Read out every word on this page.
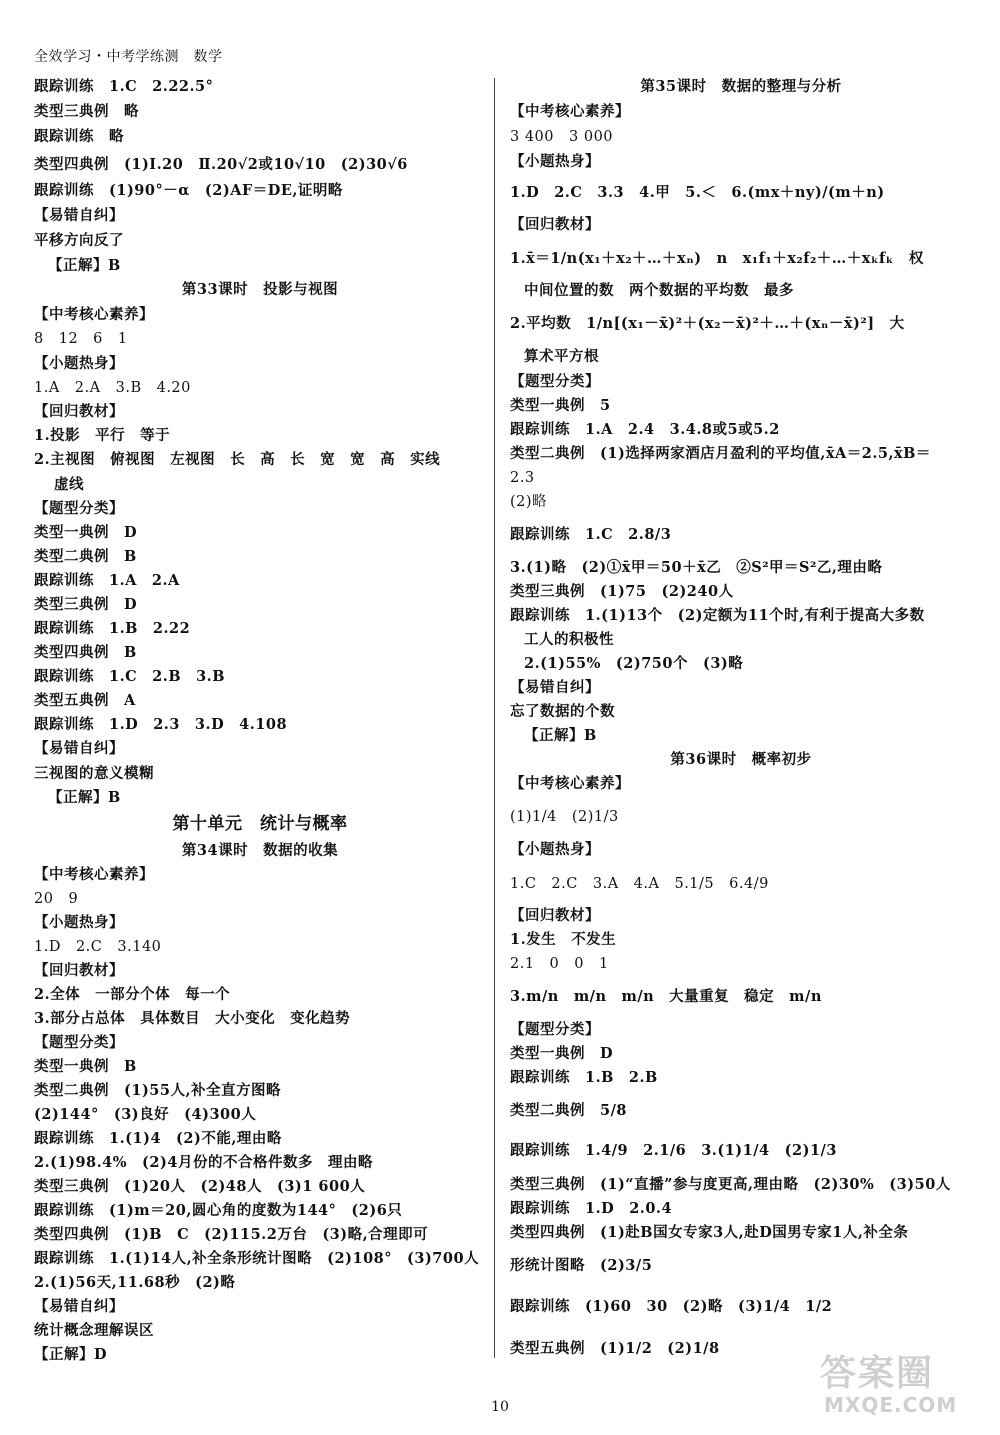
全效学习・中考学练测　数学
跟踪训练　1.C　2.22.5°
类型三典例　略
跟踪训练　略
类型四典例　(1)Ⅰ.20　Ⅱ.20√2或10√10　(2)30√6
跟踪训练　(1)90°－α　(2)AF＝DE,证明略
【易错自纠】
平移方向反了
【正解】B
第33课时　投影与视图
【中考核心素养】
8　12　6　1
【小题热身】
1.A　2.A　3.B　4.20
【回归教材】
1.投影　平行　等于
2.主视图　俯视图　左视图　长　高　长　宽　宽　高　实线
虚线
【题型分类】
类型一典例　D
类型二典例　B
跟踪训练　1.A　2.A
类型三典例　D
跟踪训练　1.B　2.22
类型四典例　B
跟踪训练　1.C　2.B　3.B
类型五典例　A
跟踪训练　1.D　2.3　3.D　4.108
【易错自纠】
三视图的意义模糊
【正解】B
第十单元　统计与概率
第34课时　数据的收集
【中考核心素养】
20　9
【小题热身】
1.D　2.C　3.140
【回归教材】
2.全体　一部分个体　每一个
3.部分占总体　具体数目　大小变化　变化趋势
【题型分类】
类型一典例　B
类型二典例　(1)55人,补全直方图略
(2)144°　(3)良好　(4)300人
跟踪训练　1.(1)4　(2)不能,理由略
2.(1)98.4%　(2)4月份的不合格件数多　理由略
类型三典例　(1)20人　(2)48人　(3)1 600人
跟踪训练　(1)m＝20,圆心角的度数为144°　(2)6只
类型四典例　(1)B　C　(2)115.2万台　(3)略,合理即可
跟踪训练　1.(1)14人,补全条形统计图略　(2)108°　(3)700人
2.(1)56天,11.68秒　(2)略
【易错自纠】
统计概念理解误区
【正解】D
第35课时　数据的整理与分析
【中考核心素养】
3 400　3 000
【小题热身】
1.D　2.C　3.3　4.甲　5.＜　6.(mx＋ny)/(m＋n)
【回归教材】
1.x̄＝1/n(x₁＋x₂＋…＋xₙ)　n　x₁f₁＋x₂f₂＋…＋xₖfₖ　权
中间位置的数　两个数据的平均数　最多
2.平均数　1/n[(x₁－x̄)²＋(x₂－x̄)²＋…＋(xₙ－x̄)²]　大
算术平方根
【题型分类】
类型一典例　5
跟踪训练　1.A　2.4　3.4.8或5或5.2
类型二典例　(1)选择两家酒店月盈利的平均值,x̄A＝2.5,x̄B＝
2.3
(2)略
跟踪训练　1.C　2.8/3
3.(1)略　(2)①x̄甲＝50＋x̄乙　②S²甲＝S²乙,理由略
类型三典例　(1)75　(2)240人
跟踪训练　1.(1)13个　(2)定额为11个时,有利于提高大多数
工人的积极性
2.(1)55%　(2)750个　(3)略
【易错自纠】
忘了数据的个数
【正解】B
第36课时　概率初步
【中考核心素养】
(1)1/4　(2)1/3
【小题热身】
1.C　2.C　3.A　4.A　5.1/5　6.4/9
【回归教材】
1.发生　不发生
2.1　0　0　1
3.m/n　m/n　m/n　大量重复　稳定　m/n
【题型分类】
类型一典例　D
跟踪训练　1.B　2.B
类型二典例　5/8
跟踪训练　1.4/9　2.1/6　3.(1)1/4　(2)1/3
类型三典例　(1)“直播”参与度更高,理由略　(2)30%　(3)50人
跟踪训练　1.D　2.0.4
类型四典例　(1)赴B国女专家3人,赴D国男专家1人,补全条
形统计图略　(2)3/5
跟踪训练　(1)60　30　(2)略　(3)1/4　1/2
类型五典例　(1)1/2　(2)1/8
10
答案圈
MXQE.COM
